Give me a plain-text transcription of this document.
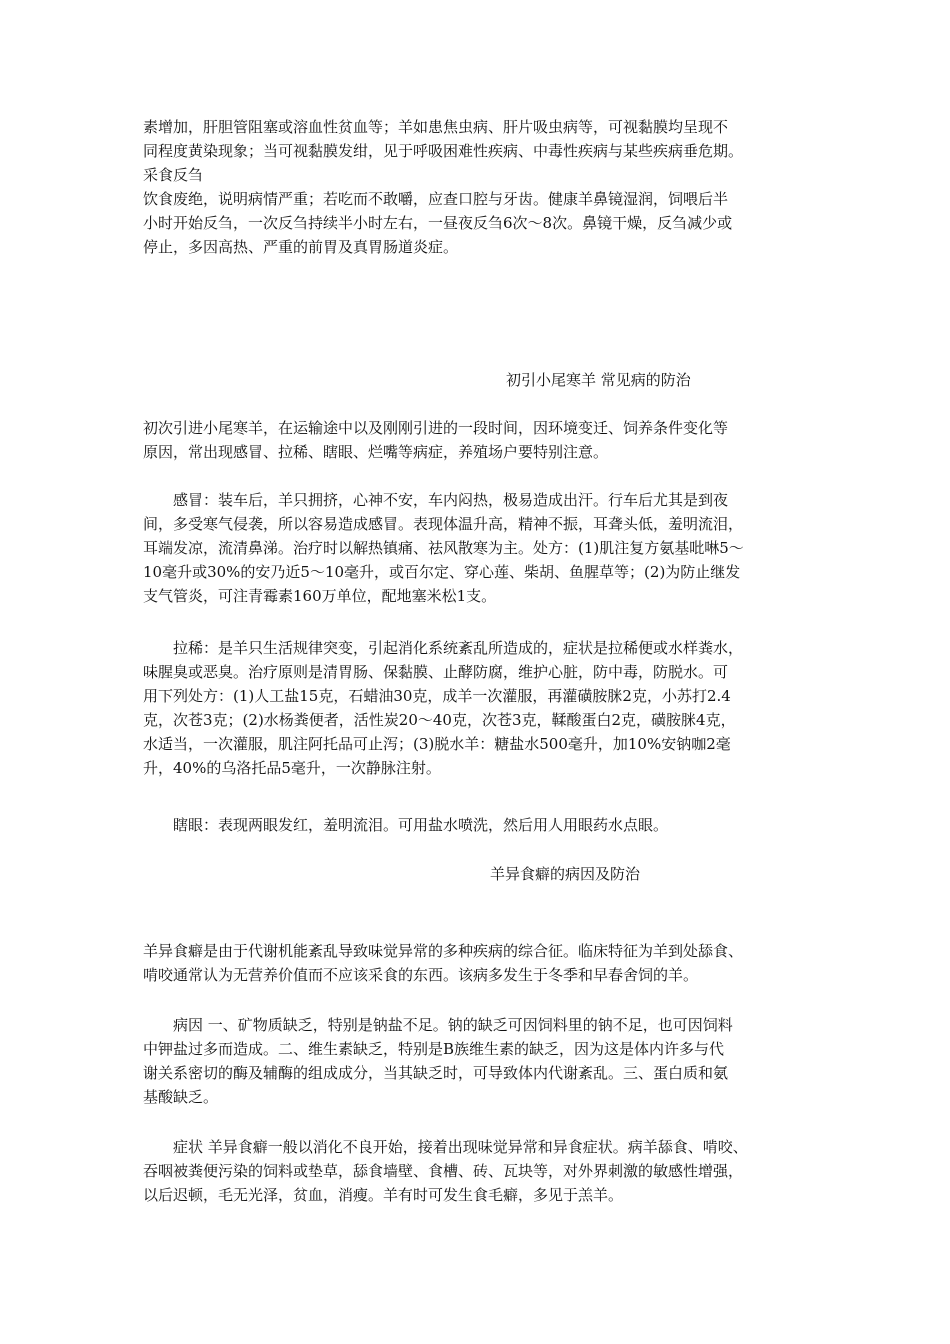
素增加，肝胆管阻塞或溶血性贫血等；羊如患焦虫病、肝片吸虫病等，可视黏膜均呈现不
同程度黄染现象；当可视黏膜发绀，见于呼吸困难性疾病、中毒性疾病与某些疾病垂危期。
采食反刍
饮食废绝，说明病情严重；若吃而不敢嚼，应查口腔与牙齿。健康羊鼻镜湿润，饲喂后半
小时开始反刍，一次反刍持续半小时左右，一昼夜反刍6次～8次。鼻镜干燥，反刍减少或
停止，多因高热、严重的前胃及真胃肠道炎症。
初引小尾寒羊 常见病的防治
初次引进小尾寒羊，在运输途中以及刚刚引进的一段时间，因环境变迁、饲养条件变化等
原因，常出现感冒、拉稀、瞎眼、烂嘴等病症，养殖场户要特别注意。
　　感冒：装车后，羊只拥挤，心神不安，车内闷热，极易造成出汗。行车后尤其是到夜
间，多受寒气侵袭，所以容易造成感冒。表现体温升高，精神不振，耳聋头低，羞明流泪，
耳端发凉，流清鼻涕。治疗时以解热镇痛、祛风散寒为主。处方：(1)肌注复方氨基吡啉5～
10毫升或30%的安乃近5～10毫升，或百尔定、穿心莲、柴胡、鱼腥草等；(2)为防止继发
支气管炎，可注青霉素160万单位，配地塞米松1支。
　　拉稀：是羊只生活规律突变，引起消化系统紊乱所造成的，症状是拉稀便或水样粪水，
味腥臭或恶臭。治疗原则是清胃肠、保黏膜、止酵防腐，维护心脏，防中毒，防脱水。可
用下列处方：(1)人工盐15克，石蜡油30克，成羊一次灌服，再灌磺胺脒2克，小苏打2.4
克，次苍3克；(2)水杨粪便者，活性炭20～40克，次苍3克，鞣酸蛋白2克，磺胺脒4克，
水适当，一次灌服，肌注阿托品可止泻；(3)脱水羊：糖盐水500毫升，加10%安钠咖2毫
升，40%的乌洛托品5毫升，一次静脉注射。
　　瞎眼：表现两眼发红，羞明流泪。可用盐水喷洗，然后用人用眼药水点眼。
羊异食癖的病因及防治
羊异食癖是由于代谢机能紊乱导致味觉异常的多种疾病的综合征。临床特征为羊到处舔食、
啃咬通常认为无营养价值而不应该采食的东西。该病多发生于冬季和早春舍饲的羊。
　　病因 一、矿物质缺乏，特别是钠盐不足。钠的缺乏可因饲料里的钠不足，也可因饲料
中钾盐过多而造成。二、维生素缺乏，特别是B族维生素的缺乏，因为这是体内许多与代
谢关系密切的酶及辅酶的组成成分，当其缺乏时，可导致体内代谢紊乱。三、蛋白质和氨
基酸缺乏。
　　症状 羊异食癖一般以消化不良开始，接着出现味觉异常和异食症状。病羊舔食、啃咬、
吞咽被粪便污染的饲料或垫草，舔食墙壁、食槽、砖、瓦块等，对外界刺激的敏感性增强，
以后迟顿，毛无光泽，贫血，消瘦。羊有时可发生食毛癖，多见于羔羊。
